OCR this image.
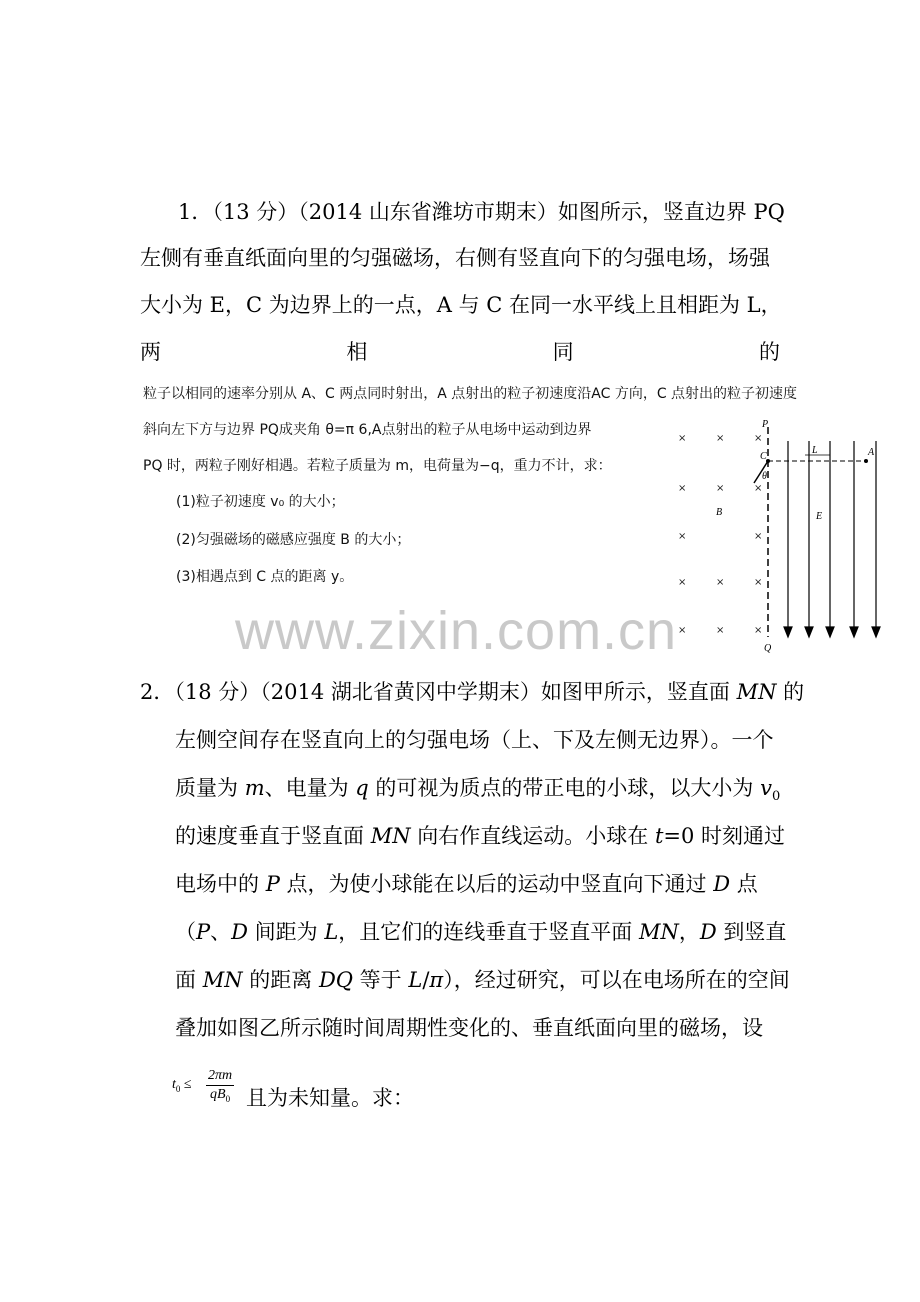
1．（13 分）（2014 山东省潍坊市期末）如图所示，竖直边界 PQ
左侧有垂直纸面向里的匀强磁场，右侧有竖直向下的匀强电场，场强
大小为 E，C 为边界上的一点，A 与 C 在同一水平线上且相距为 L，
两	相	同	的
粒子以相同的速率分别从 A、C 两点同时射出，A 点射出的粒子初速度沿AC 方向，C 点射出的粒子初速度
斜向左下方与边界 PQ成夹角 θ=π 6,A点射出的粒子从电场中运动到边界
PQ 时，两粒子刚好相遇。若粒子质量为 m，电荷量为−q，重力不计，求：
(1)粒子初速度 v₀ 的大小；
(2)匀强磁场的磁感应强度 B 的大小；
(3)相遇点到 C 点的距离 y。
×	×	×
×	×	×
×	×
×	×	×
×	×	×
P
Q
C	A
L
E
B
θ
www.zixin.com.cn
2．（18 分）（2014 湖北省黄冈中学期末）如图甲所示，竖直面 MN 的
左侧空间存在竖直向上的匀强电场（上、下及左侧无边界）。一个
质量为 m、电量为 q 的可视为质点的带正电的小球，以大小为 $v_0$
的速度垂直于竖直面 MN 向右作直线运动。小球在 t=0 时刻通过
电场中的 P 点，为使小球能在以后的运动中竖直向下通过 D 点
（P、D 间距为 L，且它们的连线垂直于竖直平面 MN，D 到竖直
面 MN 的距离 DQ 等于 L/π），经过研究，可以在电场所在的空间
叠加如图乙所示随时间周期性变化的、垂直纸面向里的磁场，设
$t_0 \le \frac{2\pi m}{qB_0}$ 且为未知量。求：
